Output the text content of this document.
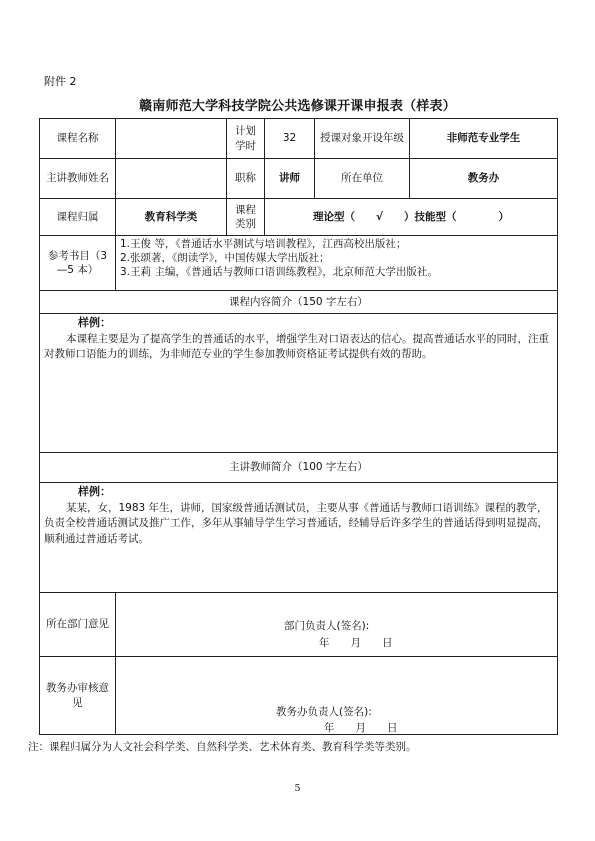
附件 2
赣南师范大学科技学院公共选修课开课申报表（样表）
课程名称		计划学时	32	授课对象开设年级	非师范专业学生
主讲教师姓名		职称	讲师	所在单位	教务办
课程归属	教育科学类	课程类别	理论型（　　√　　）技能型（　　　　）		
参考书目（3—5 本）	1.王俊 等，《普通话水平测试与培训教程》，江西高校出版社；
2.张颂著，《朗读学》，中国传媒大学出版社；
3.王莉 主编，《普通话与教师口语训练教程》，北京师范大学出版社。				

课程内容简介（150 字左右）					

样例：
本课程主要是为了提高学生的普通话的水平，增强学生对口语表达的信心。提高普通话水平的同时，注重对教师口语能力的训练，为非师范专业的学生参加教师资格证考试提供有效的帮助。					

主讲教师简介（100 字左右）					

样例：
某某，女，1983 年生，讲师，国家级普通话测试员，主要从事《普通话与教师口语训练》课程的教学，负责全校普通话测试及推广工作，多年从事辅导学生学习普通话，经辅导后许多学生的普通话得到明显提高，顺利通过普通话考试。					

所在部门意见	部门负责人(签名):
年　　月　　日				

教务办审核意见	教务办负责人(签名):
年　　月　　日				
注：课程归属分为人文社会科学类、自然科学类、艺术体育类、教育科学类等类别。
5
